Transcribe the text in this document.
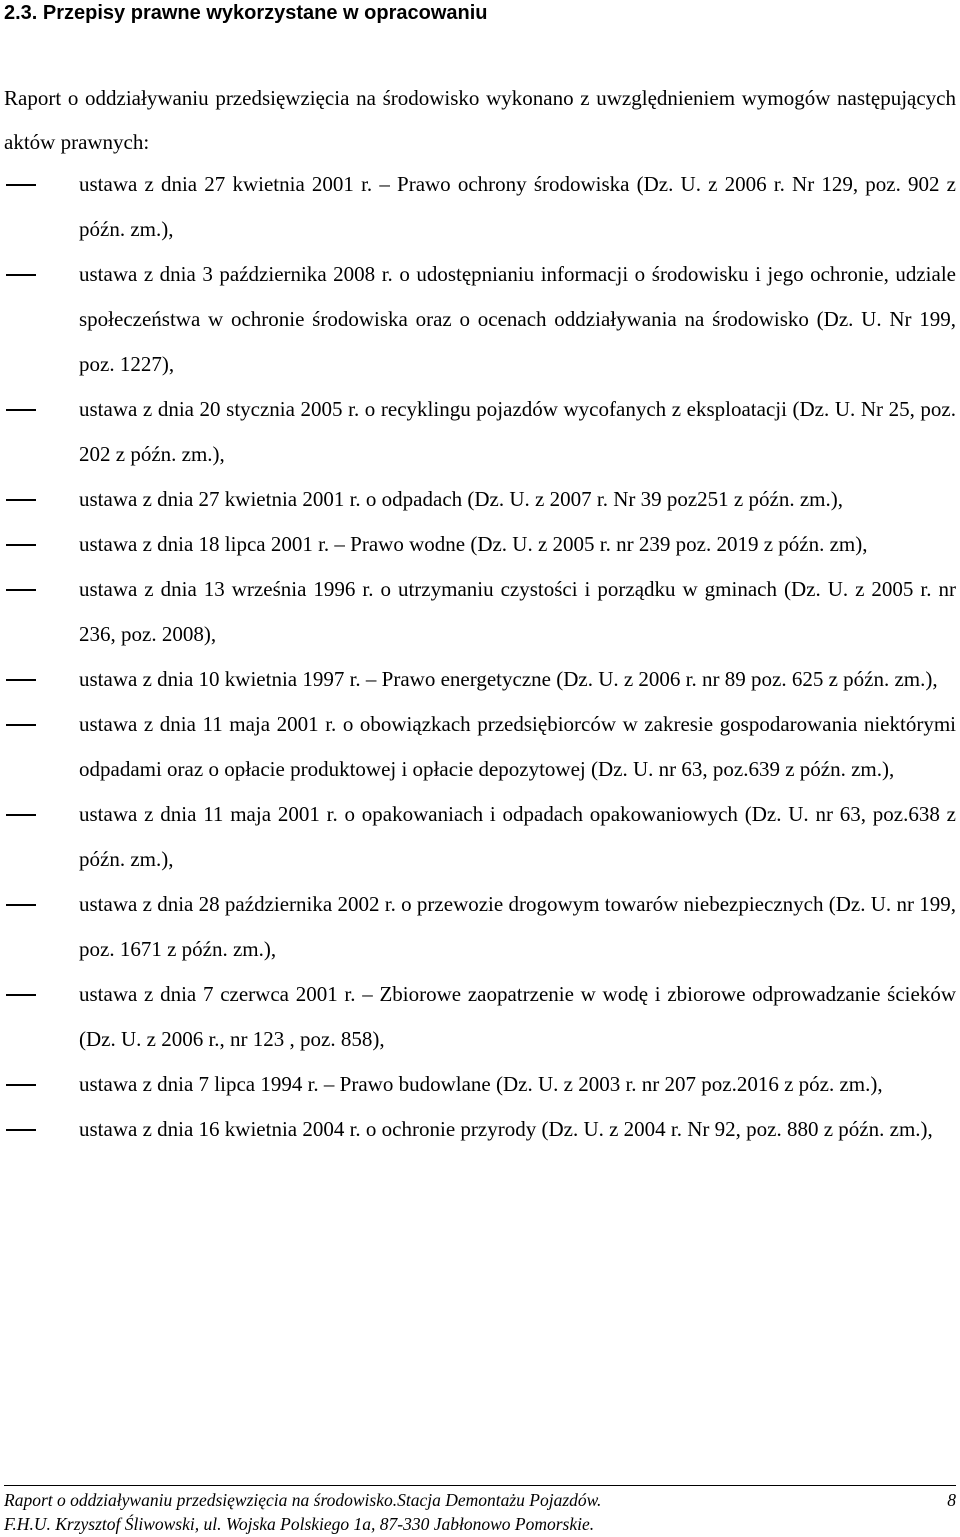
2.3. Przepisy prawne wykorzystane w opracowaniu
Raport o oddziaływaniu przedsięwzięcia na środowisko wykonano z uwzględnieniem wymogów następujących aktów prawnych:
ustawa z dnia 27 kwietnia 2001 r. – Prawo ochrony środowiska (Dz. U. z 2006 r. Nr 129, poz. 902 z późn. zm.),
ustawa z dnia 3 października 2008 r. o udostępnianiu informacji o środowisku i jego ochronie, udziale społeczeństwa w ochronie środowiska oraz o ocenach oddziaływania na środowisko (Dz. U. Nr 199, poz. 1227),
ustawa z dnia 20 stycznia 2005 r. o recyklingu pojazdów wycofanych z eksploatacji (Dz. U. Nr 25, poz. 202 z późn. zm.),
ustawa z dnia 27 kwietnia 2001 r. o odpadach (Dz. U. z 2007 r. Nr 39 poz251 z późn. zm.),
ustawa z dnia 18 lipca 2001 r. – Prawo wodne (Dz. U. z 2005 r. nr 239 poz. 2019 z późn. zm),
ustawa z dnia 13 września 1996 r. o utrzymaniu czystości i porządku w gminach (Dz. U. z 2005 r. nr 236, poz. 2008),
ustawa z dnia 10 kwietnia 1997 r. – Prawo energetyczne (Dz. U. z 2006 r. nr 89 poz. 625 z późn. zm.),
ustawa z dnia 11 maja 2001 r. o obowiązkach przedsiębiorców w zakresie gospodarowania niektórymi odpadami oraz o opłacie produktowej i opłacie depozytowej (Dz. U. nr 63, poz.639 z późn. zm.),
ustawa z dnia 11 maja 2001 r. o opakowaniach i odpadach opakowaniowych (Dz. U. nr 63, poz.638 z późn. zm.),
ustawa z dnia 28 października 2002 r. o przewozie drogowym towarów niebezpiecznych (Dz. U. nr 199, poz. 1671 z późn. zm.),
ustawa z dnia 7 czerwca 2001 r. – Zbiorowe zaopatrzenie w wodę i zbiorowe odprowadzanie ścieków (Dz. U. z 2006 r., nr 123 , poz. 858),
ustawa z dnia 7 lipca 1994 r. – Prawo budowlane (Dz. U. z 2003 r. nr 207 poz.2016 z póz. zm.),
ustawa z dnia 16 kwietnia 2004 r. o ochronie przyrody (Dz. U. z 2004 r. Nr 92, poz. 880 z późn. zm.),
Raport o oddziaływaniu przedsięwzięcia na środowisko.Stacja Demontażu Pojazdów.	8
F.H.U. Krzysztof Śliwowski, ul. Wojska Polskiego 1a, 87-330 Jabłonowo Pomorskie.
